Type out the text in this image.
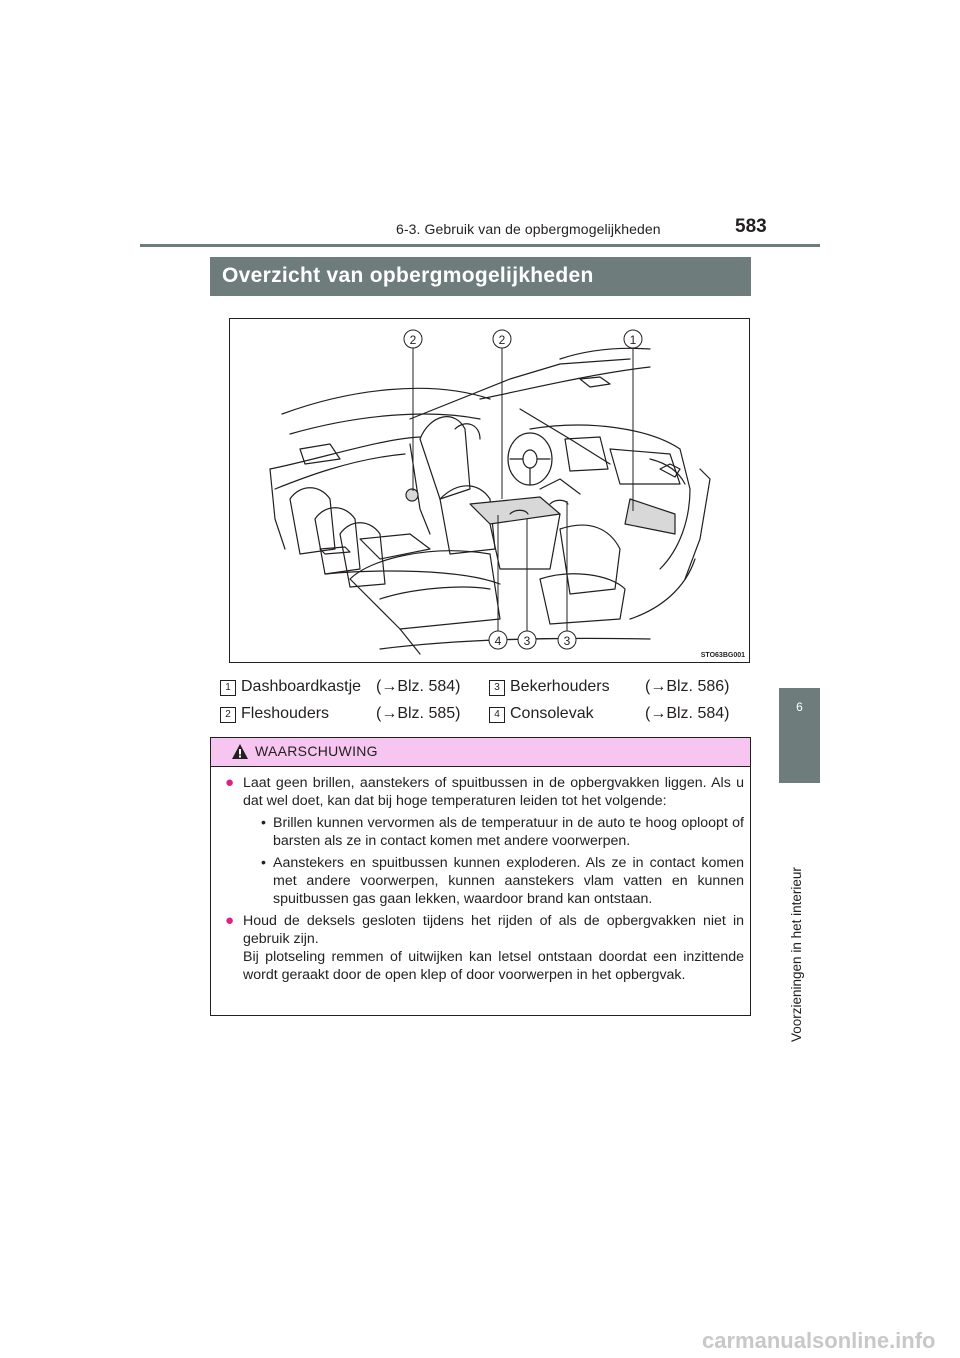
6-3. Gebruik van de opbergmogelijkheden	583
6
Voorzieningen in het interieur
Overzicht van opbergmogelijkheden
2	2	1
4 3	3
STO63BG001
1 Dashboardkastje (→Blz. 584)
2 Fleshouders	(→Blz. 585)
3 Bekerhouders (→Blz. 586)
4 Consolevak	(→Blz. 584)
WAARSCHUWING
● Laat geen brillen, aanstekers of spuitbussen in de opbergvakken liggen. Als u dat wel doet, kan dat bij hoge temperaturen leiden tot het volgende:

• Brillen kunnen vervormen als de temperatuur in de auto te hoog oploopt of barsten als ze in contact komen met andere voorwerpen.

• Aanstekers en spuitbussen kunnen exploderen. Als ze in contact komen met andere voorwerpen, kunnen aanstekers vlam vatten en kunnen spuitbussen gas gaan lekken, waardoor brand kan ontstaan.

● Houd de deksels gesloten tijdens het rijden of als de opbergvakken niet in gebruik zijn.

Bij plotseling remmen of uitwijken kan letsel ontstaan doordat een inzittende wordt geraakt door de open klep of door voorwerpen in het opbergvak.

carmanualsonline.info
